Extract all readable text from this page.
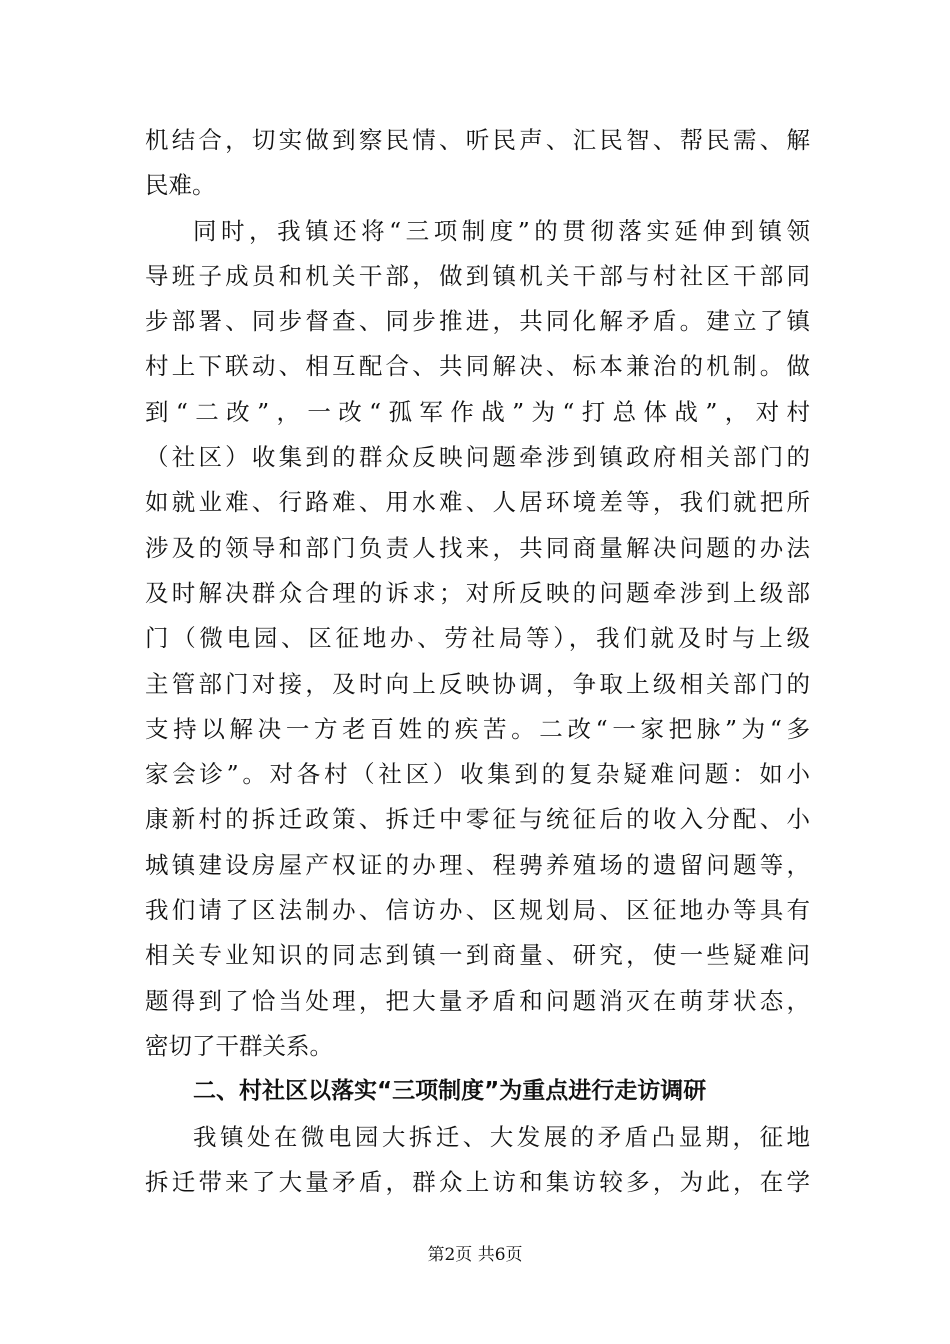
机结合，切实做到察民情、听民声、汇民智、帮民需、解
民难。
同时，我镇还将“三项制度”的贯彻落实延伸到镇领
导班子成员和机关干部，做到镇机关干部与村社区干部同
步部署、同步督查、同步推进，共同化解矛盾。建立了镇
村上下联动、相互配合、共同解决、标本兼治的机制。做
到“二改”，一改“孤军作战”为“打总体战”，对村
（社区）收集到的群众反映问题牵涉到镇政府相关部门的
如就业难、行路难、用水难、人居环境差等，我们就把所
涉及的领导和部门负责人找来，共同商量解决问题的办法
及时解决群众合理的诉求；对所反映的问题牵涉到上级部
门（微电园、区征地办、劳社局等），我们就及时与上级
主管部门对接，及时向上反映协调，争取上级相关部门的
支持以解决一方老百姓的疾苦。二改“一家把脉”为“多
家会诊”。对各村（社区）收集到的复杂疑难问题：如小
康新村的拆迁政策、拆迁中零征与统征后的收入分配、小
城镇建设房屋产权证的办理、程骋养殖场的遗留问题等，
我们请了区法制办、信访办、区规划局、区征地办等具有
相关专业知识的同志到镇一到商量、研究，使一些疑难问
题得到了恰当处理，把大量矛盾和问题消灭在萌芽状态，
密切了干群关系。
二、村社区以落实“三项制度”为重点进行走访调研
我镇处在微电园大拆迁、大发展的矛盾凸显期，征地
拆迁带来了大量矛盾，群众上访和集访较多，为此，在学
第2页 共6页
